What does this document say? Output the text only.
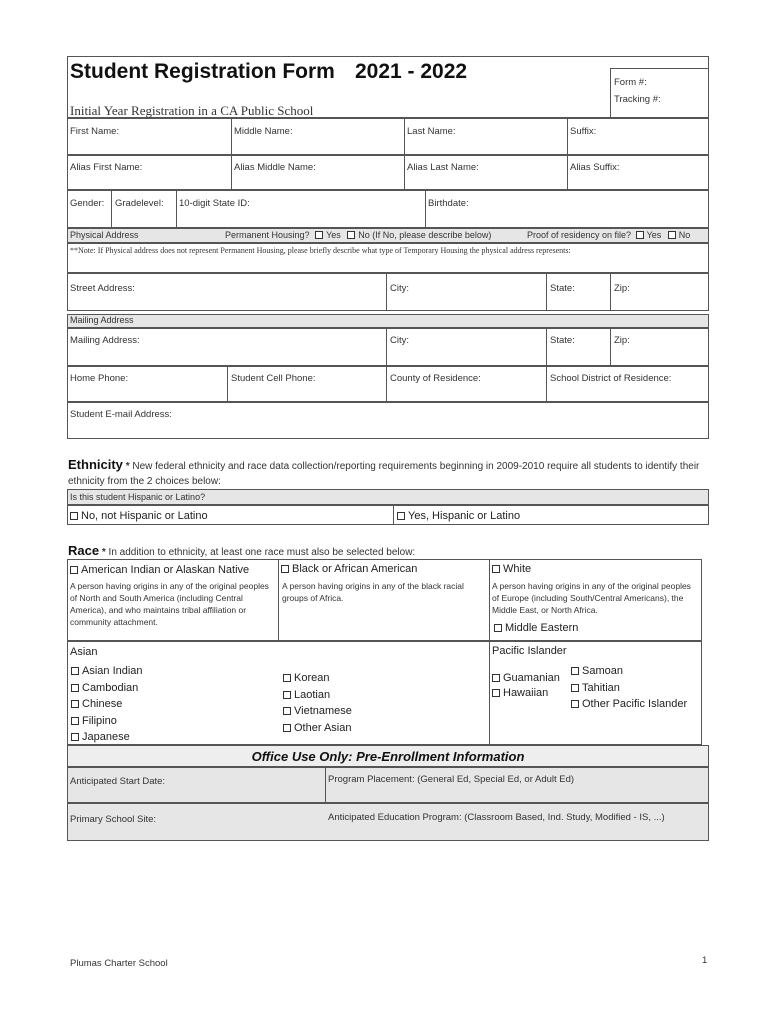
Student Registration Form 2021 - 2022	Form #:
Tracking #:
Initial Year Registration in a CA Public School
First Name:	Middle Name:	Last Name:	Suffix:
Alias First Name:	Alias Middle Name:	Alias Last Name:	Alias Suffix:
Gender: Gradelevel: 10-digit State ID:	Birthdate:
Physical Address	Permanent Housing? Yes No (If No, please describe below)	Proof of residency on file? Yes No
**Note: If Physical address does not represent Permanent Housing, please briefly describe what type of Temporary Housing the physical address represents:
Street Address:	City:	State:	Zip:
Mailing Address
Mailing Address:	City:	State:	Zip:
Home Phone:	Student Cell Phone:	County of Residence:	School District of Residence:
Student E-mail Address:
Ethnicity * New federal ethnicity and race data collection/reporting requirements beginning in 2009-2010 require all students to identify their ethnicity from the 2 choices below:
Is this student Hispanic or Latino?
No, not Hispanic or Latino	Yes, Hispanic or Latino
Race * In addition to ethnicity, at least one race must also be selected below:
American Indian or Alaskan Native
A person having origins in any of the original peoples of North and South America (including Central America), and who maintains tribal affiliation or community attachment.
Black or African American
A person having origins in any of the black racial groups of Africa.
White
A person having origins in any of the original peoples of Europe (including South/Central Americans), the Middle East, or North Africa.
Middle Eastern
Asian
Asian Indian
Cambodian
Chinese
Filipino
Japanese
Korean
Laotian
Vietnamese
Other Asian
Pacific Islander
Guamanian
Hawaiian
Samoan
Tahitian
Other Pacific Islander
Office Use Only: Pre-Enrollment Information
Anticipated Start Date:	Program Placement: (General Ed, Special Ed, or Adult Ed)
Primary School Site:	Anticipated Education Program: (Classroom Based, Ind. Study, Modified - IS, ...)
Plumas Charter School	1
